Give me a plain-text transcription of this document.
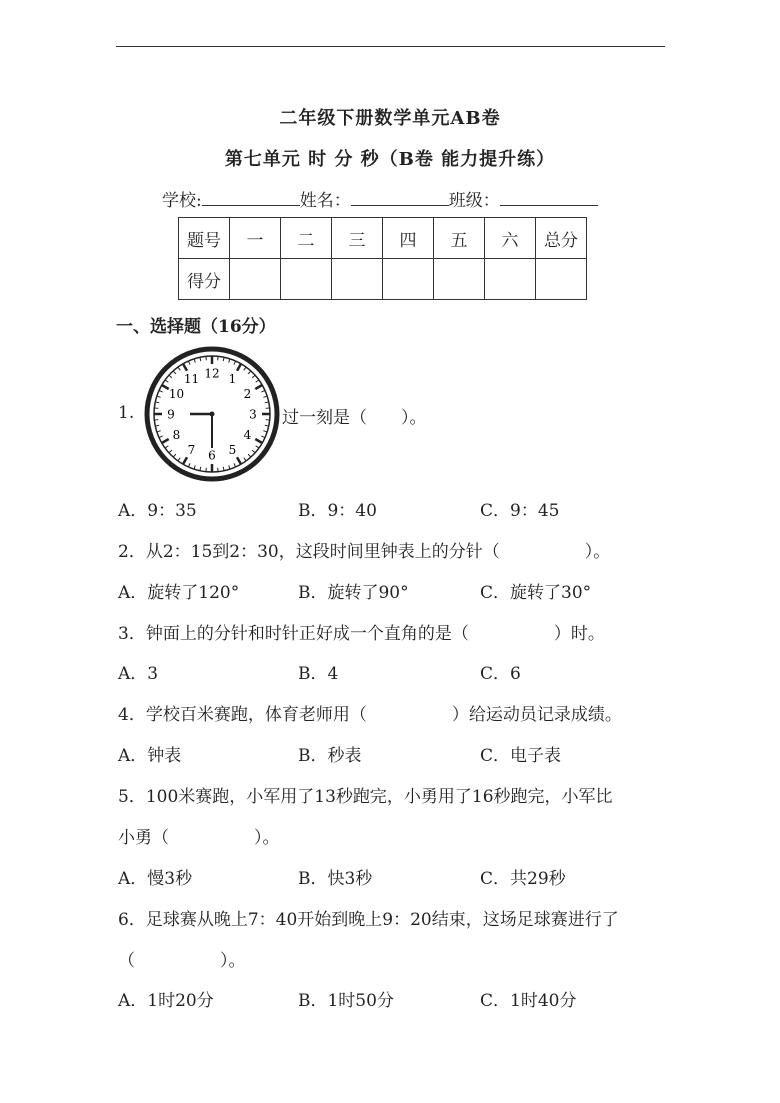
二年级下册数学单元AB卷
第七单元 时 分 秒（B卷 能力提升练）
学校:	姓名：	班级：
题号	一	二	三	四	五	六	总分
得分							
一、选择题（16分）
1.
12 1
2
3
4
5
6
7
8
9
10
11
过一刻是（　　）。
A．9：35	B．9：40	C．9：45
2．从2：15到2：30，这段时间里钟表上的分针（　　　　　）。
A．旋转了120°	B．旋转了90°	C．旋转了30°
3．钟面上的分针和时针正好成一个直角的是（　　　　　）时。
A．3	B．4	C．6
4．学校百米赛跑，体育老师用（　　　　　）给运动员记录成绩。
A．钟表	B．秒表	C．电子表
5．100米赛跑，小军用了13秒跑完，小勇用了16秒跑完，小军比
小勇（　　　　　）。
A．慢3秒	B．快3秒	C．共29秒
6．足球赛从晚上7：40开始到晚上9：20结束，这场足球赛进行了
（　　　　　）。
A．1时20分	B．1时50分	C．1时40分
